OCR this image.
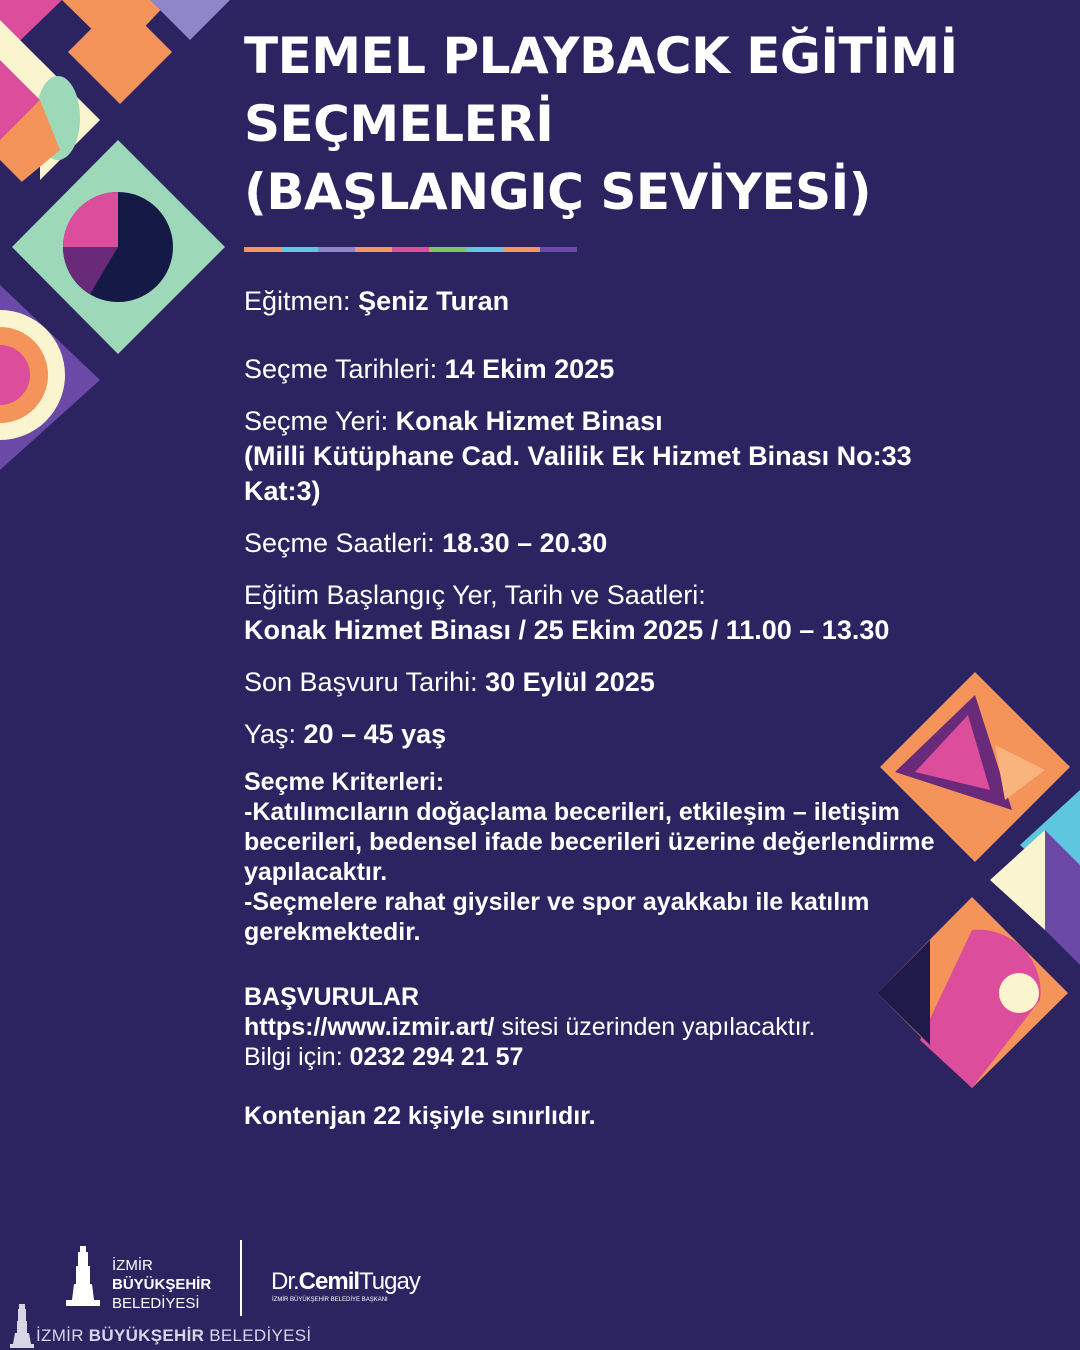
TEMEL PLAYBACK EĞİTİMİ
SEÇMELERİ
(BAŞLANGIÇ SEVİYESİ)

Eğitmen: Şeniz Turan

Seçme Tarihleri: 14 Ekim 2025

Seçme Yeri: Konak Hizmet Binası

(Milli Kütüphane Cad. Valilik Ek Hizmet Binası No:33

Kat:3)

Seçme Saatleri: 18.30 – 20.30

Eğitim Başlangıç Yer, Tarih ve Saatleri:

Konak Hizmet Binası / 25 Ekim 2025 / 11.00 – 13.30

Son Başvuru Tarihi: 30 Eylül 2025

Yaş: 20 – 45 yaş

Seçme Kriterleri:

-Katılımcıların doğaçlama becerileri, etkileşim – iletişim

becerileri, bedensel ifade becerileri üzerine değerlendirme

yapılacaktır.

-Seçmelere rahat giysiler ve spor ayakkabı ile katılım

gerekmektedir.

BAŞVURULAR

https://www.izmir.art/ sitesi üzerinden yapılacaktır.

Bilgi için: 0232 294 21 57

Kontenjan 22 kişiyle sınırlıdır.

İZMİR
BÜYÜKŞEHİR
BELEDİYESİ
Dr.CemilTugay
İZMİR BÜYÜKŞEHİR BELEDİYE BAŞKANI
İZMİR BÜYÜKŞEHİR BELEDİYESİ
